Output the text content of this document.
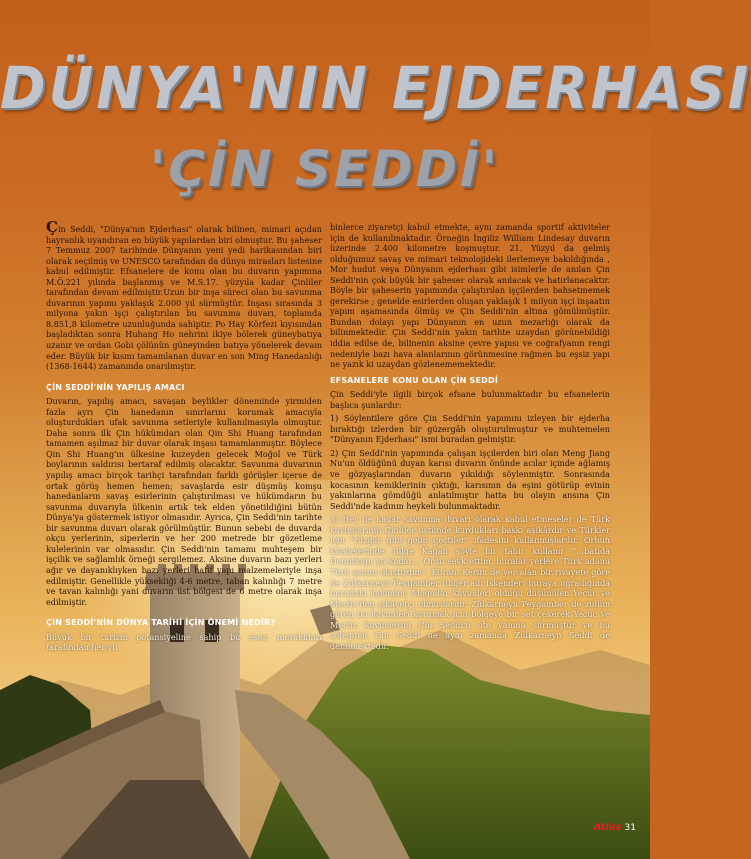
DÜNYA'NIN EJDERHASI
'ÇİN SEDDİ'

Çin Seddi, "Dünya'nın Ejderhası" olarak bilinen, mimari açıdan hayranlık uyandıran en büyük yapılardan biri olmuştur. Bu şaheser 7 Temmuz 2007 tarihinde Dünyanın yeni yedi harikasından biri olarak seçilmiş ve UNESCO tarafından da dünya mirasları listesine kabul edilmiştir. Efsanelere de konu olan bu duvarın yapımına M.Ö.221 yılında başlanmış ve M.S.17. yüzyıla kadar Çinliler tarafından devam edilmiştir.Uzun bir inşa süreci olan bu savunma duvarının yapımı yaklaşık 2.000 yıl sürmüştür. İnşası sırasında 3 milyona yakın işçi çalıştırılan bu savunma duvarı, toplamda 8.851,8 kilometre uzunluğunda sahiptir. Po Hay Körfezi kıyısından başladıktan sonra Huhang Ho nehrini ikiye bölerek güneybatıya uzanır ve ordan Gobi çölünün güneyinden batıya yönelerek devam eder. Büyük bir kısmı tamamlanan duvar en son Ming Hanedanlığı (1368-1644) zamanında onarılmıştır.

ÇİN SEDDİ'NİN YAPILIŞ AMACI

Duvarın, yapılış amacı, savaşan beylikler döneminde yirmiden fazla ayrı Çin hanedanın sınırlarını korumak amacıyla oluşturdukları ufak savunma setleriyle kullanılmasıyla olmuştur. Daha sonra ilk Çin hükümdarı olan Qin Shi Huang tarafından tamamen aşılmaz bir duvar olarak inşası tamamlanmıştır. Böylece Qin Shi Huang'ın ülkesine kuzeyden gelecek Moğol ve Türk boylarının saldırısı bertaraf edilmiş olacaktır. Savunma duvarının yapılış amacı birçok tarihçi tarafından farklı görüşler içerse de ortak görüş hemen hemen; savaşlarda esir düşmüş komşu hanedanların savaş esirlerinin çalıştırılması ve hükümdarın bu savunma duvarıyla ülkenin artık tek elden yönetildiğini bütün Dünya'ya göstermek istiyor olmasıdır. Ayrıca, Çin Seddi'nin tarihte bir savunma duvarı olarak görülmüştür. Bunun sebebi de duvarda okçu yerlerinin, siperlerin ve her 200 metrede bir gözetleme kulelerinin var olmasıdır. Çin Seddi'nin tamamı muhteşem bir işçilik ve sağlamlık örneği sergilemez. Aksine duvarın bazı yerleri ağır ve dayanıklıyken bazı yerleri hafif yapı malzemeleriyle inşa edilmiştir. Genellikle yüksekliği 4-6 metre, taban kalınlığı 7 metre ve tavan kalınlığı yani duvarın üst bölgesi de 6 metre olarak inşa edilmiştir.

ÇİN SEDDİ'NİN DÜNYA TARİHİ İÇİN ÖNEMİ NEDİR?

Büyük bir turizm potansiyeline sahip bu eser, meraklıları tarafından her yıl

binlerce ziyaretçi kabul etmekte, aynı zamanda sportif aktiviteler için de kullanılmaktadır. Örneğin İngiliz William Lindesay duvarın üzerinde 2.400 kilometre koşmuştur. 21. Yüzyıl da gelmiş olduğumuz savaş ve mimari teknolojideki ilerlemeye bakıldığında , Mor hudut veya Dünyanın ejderhası gibi isimlerle de anılan Çin Seddi'nin çok büyük bir şaheser olarak anılacak ve hatırlanacaktır. Böyle bir şaheserin yapımında çalıştırılan işçilerden bahsetmemek gerekirse ; genelde esirlerden oluşan yaklaşık 1 milyon işçi inşaatın yapım aşamasında ölmüş ve Çin Seddi'nin altına gömülmüştür. Bundan dolayı yapı Dünyanın en uzun mezarlığı olarak da bilinmektedir. Çin Seddi'nin yakın tarihte uzaydan görünebildiği iddia edilse de, bilinenin aksine çevre yapısı ve coğrafyanın rengi nedeniyle bazı hava alanlarının görünmesine rağmen bu eşsiz yapı ne yazık ki uzaydan gözlenememektedir.

EFSANELERE KONU OLAN ÇİN SEDDİ

Çin Seddi'yle ilgili birçok efsane bulunmaktadır bu efsanelerin başlıca şunlardır:

1) Söylentilere göre Çin Seddi'nin yapımını izleyen bir ejderha bıraktığı izlerden bir güzergâh oluşturulmuştur ve muhtemelen "Dünyanın Ejderhası" ismi buradan gelmiştir.

2) Çin Seddi'nin yapımında çalışan işçilerden biri olan Meng Jiang Nu'un öldüğünü duyan karısı duvarın önünde acılar içinde ağlamış ve gözyaşlarından duvarın yıkıldığı söylenmiştir. Sonrasında kocasının kemiklerinin çıktığı, karısının da eşini götürüp evinin yakınlarına gömdüğü anlatılmıştır hatta bu olayın ansına Çin Seddi'nde kadının heykeli bulunmaktadır.

3) Her ne kadar savunma duvarı olarak kabul etmeseler de Türk kavimlerinin Çinliler üstünde kurdukları baskı aşikârdır ve Türkler için "rüzgâr gibi gelip geçtiler" ifadesini kullanmışlardır. Orhun kitabelerinde Bilge Kağan şöyle bir tabir kullanır "…batıda Demirkapı ya kadar… Ordu sevk ettim, buralar yerlere Türk adamı Türk şanını ulaştırdım". Kuranı Kerim de yer alan bir rivayete göre de Zülkarneyn Peygamber (diğer adı İskender) buraya uğradığında buradaki kavimler, Moğollar kavimleri olduğu düşünülen Yecüc ve Mecüc'den şikâyetçi olmuşlardır. Zülkarneyn Peygamber de zulüm gören bu kavimleri korumak için bölgeye bir set çekerek Yecüc ve Mecüc kavimlerini Çin Seddi'n öte yanına sürmüştür ve bu sebepten Çin Seddi ne aynı zamanda Zülkarneyn Seddi de denilmektedir.

Atlas 31
